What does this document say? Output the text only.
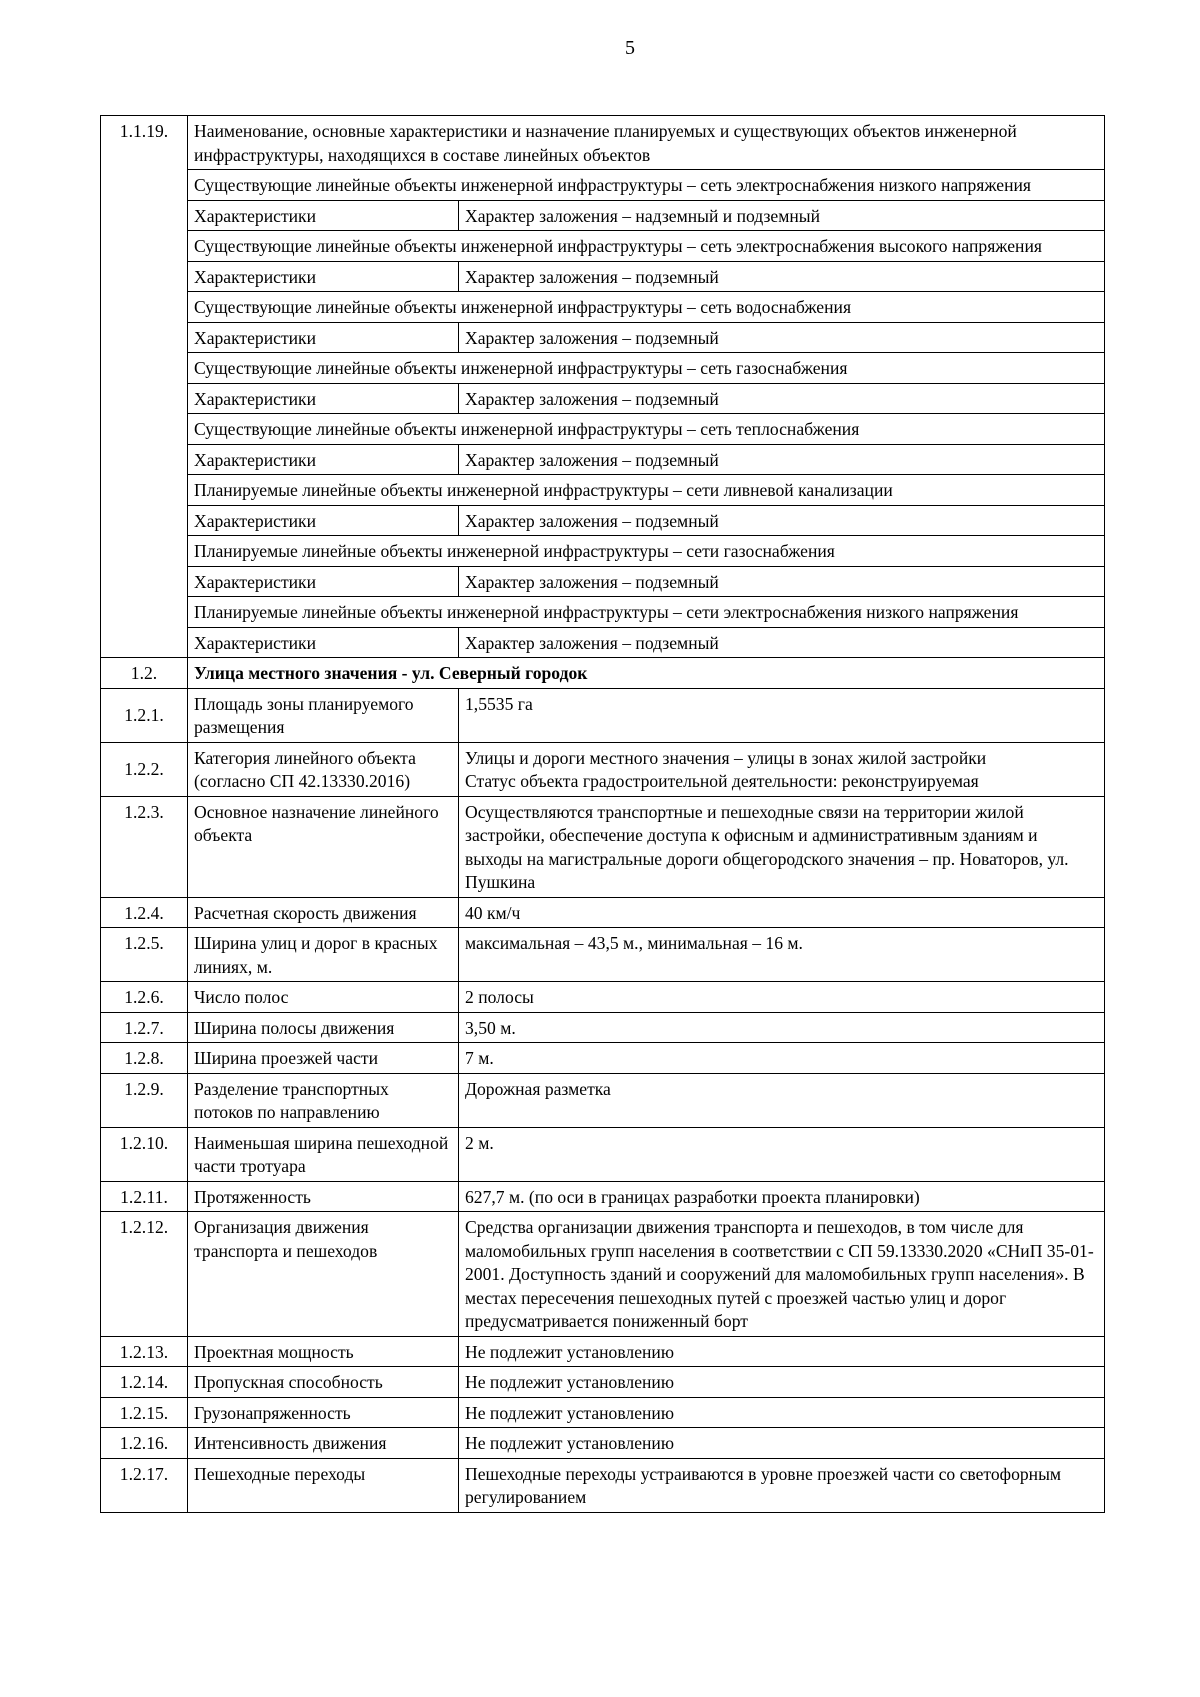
5
1.1.19.	Наименование, основные характеристики и назначение планируемых и существующих объектов инженерной инфраструктуры, находящихся в составе линейных объектов	
	Существующие линейные объекты инженерной инфраструктуры – сеть электроснабжения низкого напряжения	
	Характеристики	Характер заложения – надземный и подземный
	Существующие линейные объекты инженерной инфраструктуры – сеть электроснабжения высокого напряжения	
	Характеристики	Характер заложения – подземный
	Существующие линейные объекты инженерной инфраструктуры – сеть водоснабжения	
	Характеристики	Характер заложения – подземный
	Существующие линейные объекты инженерной инфраструктуры – сеть газоснабжения	
	Характеристики	Характер заложения – подземный
	Существующие линейные объекты инженерной инфраструктуры – сеть теплоснабжения	
	Характеристики	Характер заложения – подземный
	Планируемые линейные объекты инженерной инфраструктуры – сети ливневой канализации	
	Характеристики	Характер заложения – подземный
	Планируемые линейные объекты инженерной инфраструктуры – сети газоснабжения	
	Характеристики	Характер заложения – подземный
	Планируемые линейные объекты инженерной инфраструктуры – сети электроснабжения низкого напряжения	
	Характеристики	Характер заложения – подземный
1.2.	Улица местного значения - ул. Северный городок	
1.2.1.	Площадь зоны планируемого размещения	1,5535 га
1.2.2.	Категория линейного объекта (согласно СП 42.13330.2016)	Улицы и дороги местного значения – улицы в зонах жилой застройки
Статус объекта градостроительной деятельности: реконструируемая

1.2.3.	Основное назначение линейного объекта	Осуществляются транспортные и пешеходные связи на территории жилой застройки, обеспечение доступа к офисным и административным зданиям и выходы на магистральные дороги общегородского значения – пр. Новаторов, ул. Пушкина
1.2.4.	Расчетная скорость движения	40 км/ч
1.2.5.	Ширина улиц и дорог в красных линиях, м.	максимальная – 43,5 м., минимальная – 16 м.
1.2.6.	Число полос	2 полосы
1.2.7.	Ширина полосы движения	3,50 м.
1.2.8.	Ширина проезжей части	7 м.
1.2.9.	Разделение транспортных потоков по направлению	Дорожная разметка
1.2.10.	Наименьшая ширина пешеходной части тротуара	2 м.
1.2.11.	Протяженность	627,7 м. (по оси в границах разработки проекта планировки)
1.2.12.	Организация движения транспорта и пешеходов	Средства организации движения транспорта и пешеходов, в том числе для маломобильных групп населения в соответствии с СП 59.13330.2020 «СНиП 35-01-2001. Доступность зданий и сооружений для маломобильных групп населения». В местах пересечения пешеходных путей с проезжей частью улиц и дорог предусматривается пониженный борт
1.2.13.	Проектная мощность	Не подлежит установлению
1.2.14.	Пропускная способность	Не подлежит установлению
1.2.15.	Грузонапряженность	Не подлежит установлению
1.2.16.	Интенсивность движения	Не подлежит установлению
1.2.17.	Пешеходные переходы	Пешеходные переходы устраиваются в уровне проезжей части со светофорным регулированием
